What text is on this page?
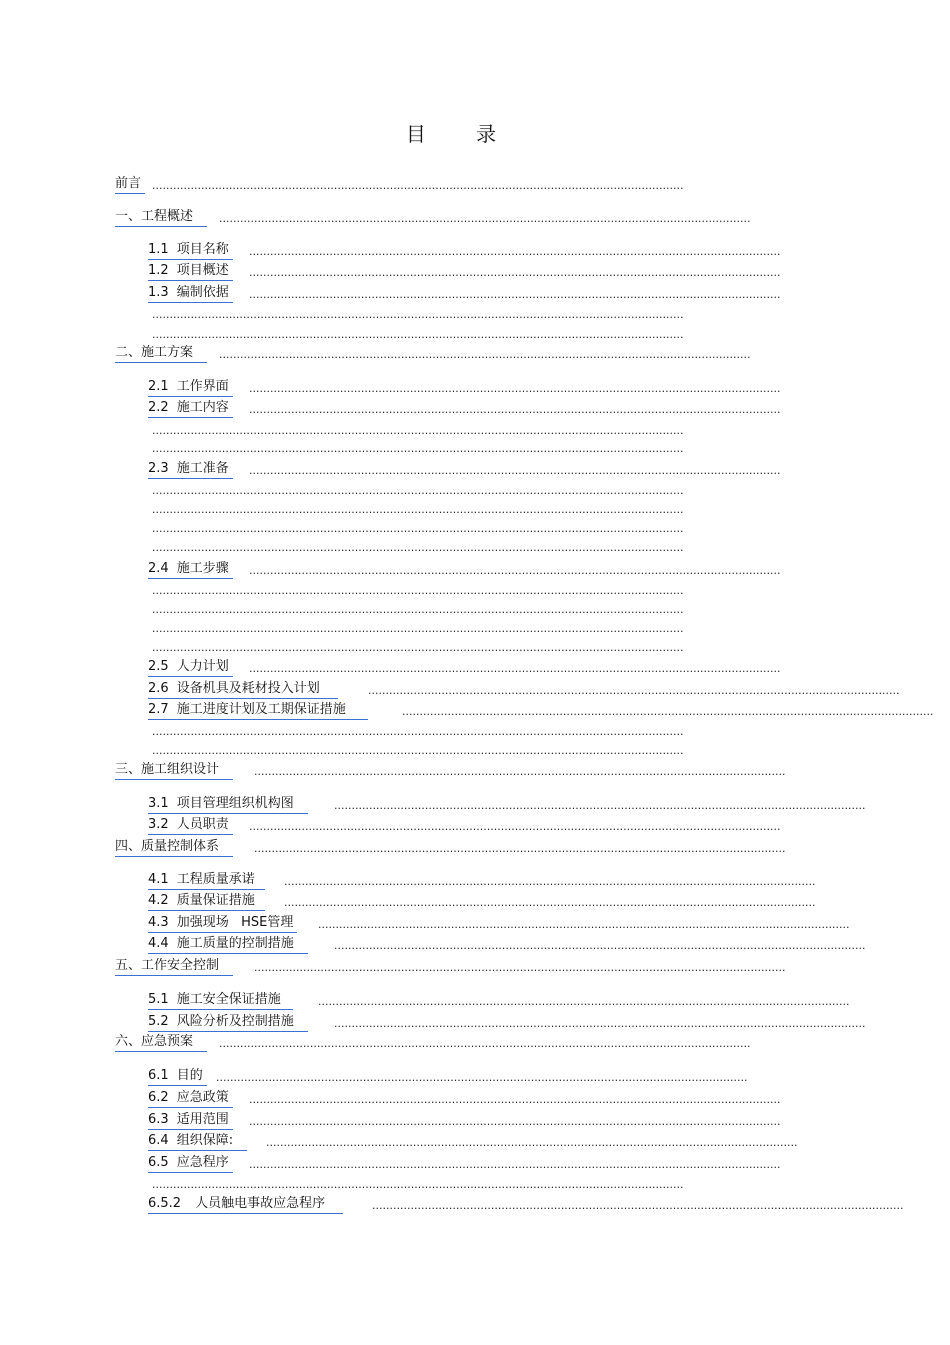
目 录
前言 ........................................................................................................................................................
一、工程概述	........................................................................................................................................................
1.1 项目名称	........................................................................................................................................................
1.2 项目概述	........................................................................................................................................................
1.3 编制依据	........................................................................................................................................................
........................................................................................................................................................
........................................................................................................................................................
二、施工方案	........................................................................................................................................................
2.1 工作界面	........................................................................................................................................................
2.2 施工内容	........................................................................................................................................................
........................................................................................................................................................
........................................................................................................................................................
2.3 施工准备	........................................................................................................................................................
........................................................................................................................................................
........................................................................................................................................................
........................................................................................................................................................
........................................................................................................................................................
2.4 施工步骤	........................................................................................................................................................
........................................................................................................................................................
........................................................................................................................................................
........................................................................................................................................................
........................................................................................................................................................
2.5 人力计划	........................................................................................................................................................
2.6 设备机具及耗材投入计划	........................................................................................................................................................
2.7 施工进度计划及工期保证措施	........................................................................................................................................................
........................................................................................................................................................
........................................................................................................................................................
三、施工组织设计	........................................................................................................................................................
3.1 项目管理组织机构图	........................................................................................................................................................
3.2 人员职责	........................................................................................................................................................
四、质量控制体系	........................................................................................................................................................
4.1 工程质量承诺	........................................................................................................................................................
4.2 质量保证措施	........................................................................................................................................................
4.3 加强现场   HSE管理	........................................................................................................................................................
4.4 施工质量的控制措施	........................................................................................................................................................
五、工作安全控制	........................................................................................................................................................
5.1 施工安全保证措施	........................................................................................................................................................
5.2 风险分析及控制措施	........................................................................................................................................................
六、应急预案	........................................................................................................................................................
6.1 目的	........................................................................................................................................................
6.2 应急政策	........................................................................................................................................................
6.3 适用范围	........................................................................................................................................................
6.4 组织保障:	........................................................................................................................................................
6.5 应急程序	........................................................................................................................................................
........................................................................................................................................................
6.5.2 人员触电事故应急程序	........................................................................................................................................................
